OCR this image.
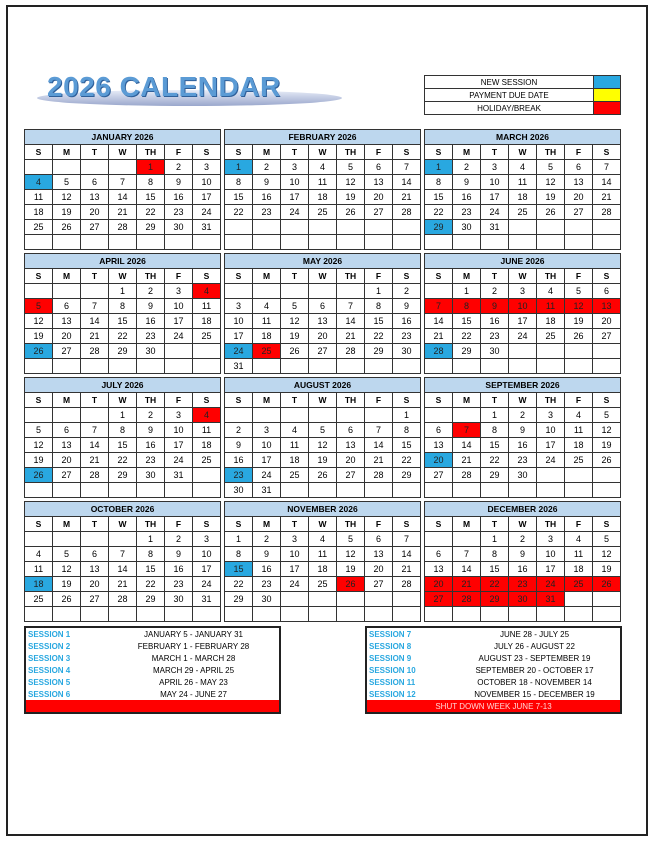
2026 CALENDAR	NEW SESSION	
PAYMENT DUE DATE	
HOLIDAY/BREAK	
JANUARY 2026						
S	M	T	W	TH	F	S
				1	2	3
4	5	6	7	8	9	10
11	12	13	14	15	16	17
18	19	20	21	22	23	24
25	26	27	28	29	30	31

FEBRUARY 2026						
S	M	T	W	TH	F	S
1	2	3	4	5	6	7
8	9	10	11	12	13	14
15	16	17	18	19	20	21
22	23	24	25	26	27	28

MARCH 2026						
S	M	T	W	TH	F	S
1	2	3	4	5	6	7
8	9	10	11	12	13	14
15	16	17	18	19	20	21
22	23	24	25	26	27	28
29	30	31				

APRIL 2026						
S	M	T	W	TH	F	S
			1	2	3	4
5	6	7	8	9	10	11
12	13	14	15	16	17	18
19	20	21	22	23	24	25
26	27	28	29	30		

MAY 2026						
S	M	T	W	TH	F	S
					1	2
3	4	5	6	7	8	9
10	11	12	13	14	15	16
17	18	19	20	21	22	23
24	25	26	27	28	29	30
31						
JUNE 2026						
S	M	T	W	TH	F	S
	1	2	3	4	5	6
7	8	9	10	11	12	13
14	15	16	17	18	19	20
21	22	23	24	25	26	27
28	29	30				

JULY 2026						
S	M	T	W	TH	F	S
			1	2	3	4
5	6	7	8	9	10	11
12	13	14	15	16	17	18
19	20	21	22	23	24	25
26	27	28	29	30	31	

AUGUST 2026						
S	M	T	W	TH	F	S
						1
2	3	4	5	6	7	8
9	10	11	12	13	14	15
16	17	18	19	20	21	22
23	24	25	26	27	28	29
30	31					
SEPTEMBER 2026						
S	M	T	W	TH	F	S
		1	2	3	4	5
6	7	8	9	10	11	12
13	14	15	16	17	18	19
20	21	22	23	24	25	26
27	28	29	30			

OCTOBER 2026						
S	M	T	W	TH	F	S
				1	2	3
4	5	6	7	8	9	10
11	12	13	14	15	16	17
18	19	20	21	22	23	24
25	26	27	28	29	30	31

NOVEMBER 2026						
S	M	T	W	TH	F	S
1	2	3	4	5	6	7
8	9	10	11	12	13	14
15	16	17	18	19	20	21
22	23	24	25	26	27	28
29	30					

DECEMBER 2026						
S	M	T	W	TH	F	S
		1	2	3	4	5
6	7	8	9	10	11	12
13	14	15	16	17	18	19
20	21	22	23	24	25	26
27	28	29	30	31		

SESSION 1	JANUARY 5 - JANUARY 31
SESSION 2	FEBRUARY 1 - FEBRUARY 28
SESSION 3	MARCH 1 - MARCH 28
SESSION 4	MARCH 29 - APRIL 25
SESSION 5	APRIL 26 - MAY 23
SESSION 6	MAY 24 - JUNE 27

SESSION 7	JUNE 28 - JULY 25
SESSION 8	JULY 26 - AUGUST 22
SESSION 9	AUGUST 23 - SEPTEMBER 19
SESSION 10	SEPTEMBER 20 - OCTOBER 17
SESSION 11	OCTOBER 18 - NOVEMBER 14
SESSION 12	NOVEMBER 15 - DECEMBER 19
SHUT DOWN WEEK JUNE 7-13	
